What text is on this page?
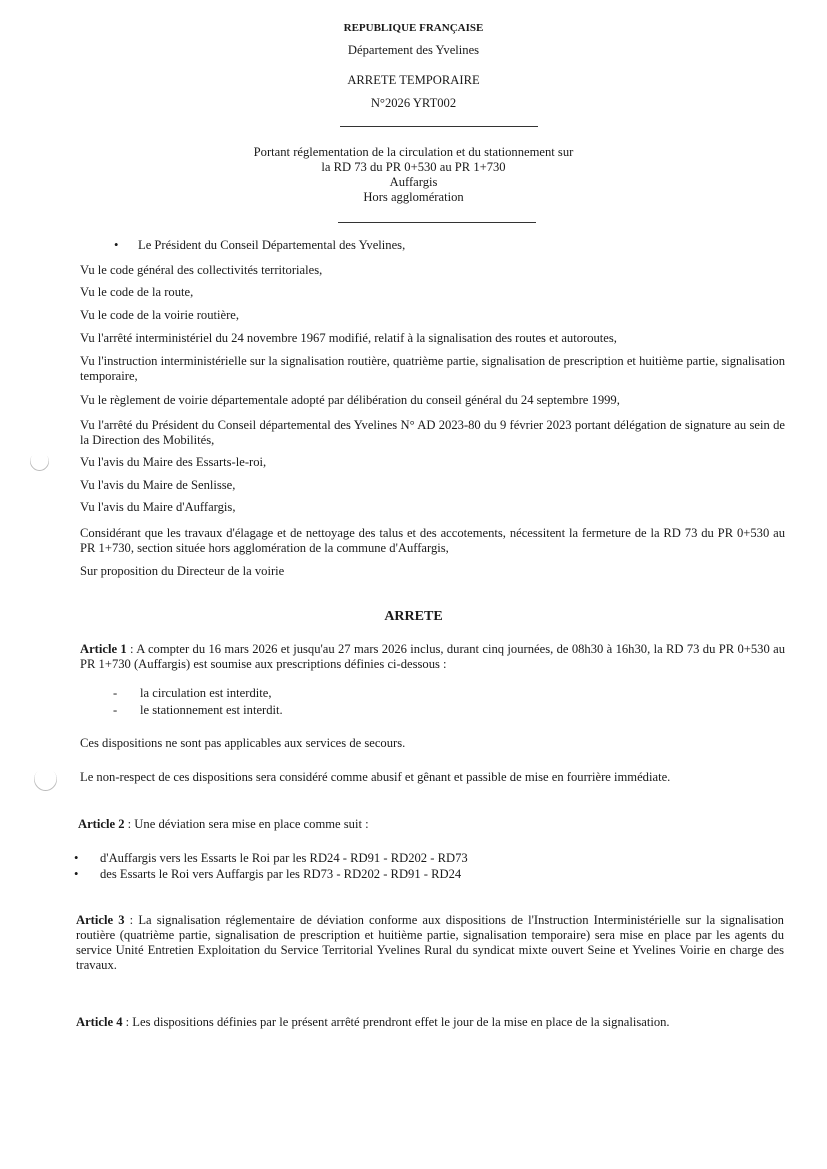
REPUBLIQUE FRANÇAISE
Département des Yvelines
ARRETE TEMPORAIRE
N°2026 YRT002
Portant réglementation de la circulation et du stationnement sur
la RD 73 du PR 0+530 au PR 1+730
Auffargis
Hors agglomération
• Le Président du Conseil Départemental des Yvelines,
Vu le code général des collectivités territoriales,
Vu le code de la route,
Vu le code de la voirie routière,
Vu l'arrêté interministériel du 24 novembre 1967 modifié, relatif à la signalisation des routes et autoroutes,
Vu l'instruction interministérielle sur la signalisation routière, quatrième partie, signalisation de prescription et huitième partie, signalisation temporaire,
Vu le règlement de voirie départementale adopté par délibération du conseil général du 24 septembre 1999,
Vu l'arrêté du Président du Conseil départemental des Yvelines N° AD 2023-80 du 9 février 2023 portant délégation de signature au sein de la Direction des Mobilités,
Vu l'avis du Maire des Essarts-le-roi,
Vu l'avis du Maire de Senlisse,
Vu l'avis du Maire d'Auffargis,
Considérant que les travaux d'élagage et de nettoyage des talus et des accotements, nécessitent la fermeture de la RD 73 du PR 0+530 au PR 1+730, section située hors agglomération de la commune d'Auffargis,
Sur proposition du Directeur de la voirie
ARRETE
Article 1 : A compter du 16 mars 2026 et jusqu'au 27 mars 2026 inclus, durant cinq journées, de 08h30 à 16h30, la RD 73 du PR 0+530 au PR 1+730 (Auffargis) est soumise aux prescriptions définies ci-dessous :
- la circulation est interdite,
- le stationnement est interdit.
Ces dispositions ne sont pas applicables aux services de secours.
Le non-respect de ces dispositions sera considéré comme abusif et gênant et passible de mise en fourrière immédiate.
Article 2 : Une déviation sera mise en place comme suit :
• d'Auffargis vers les Essarts le Roi par les RD24 - RD91 - RD202 - RD73
• des Essarts le Roi vers Auffargis par les RD73 - RD202 - RD91 - RD24
Article 3 : La signalisation réglementaire de déviation conforme aux dispositions de l'Instruction Interministérielle sur la signalisation routière (quatrième partie, signalisation de prescription et huitième partie, signalisation temporaire) sera mise en place par les agents du service Unité Entretien Exploitation du Service Territorial Yvelines Rural du syndicat mixte ouvert Seine et Yvelines Voirie en charge des travaux.
Article 4 : Les dispositions définies par le présent arrêté prendront effet le jour de la mise en place de la signalisation.
